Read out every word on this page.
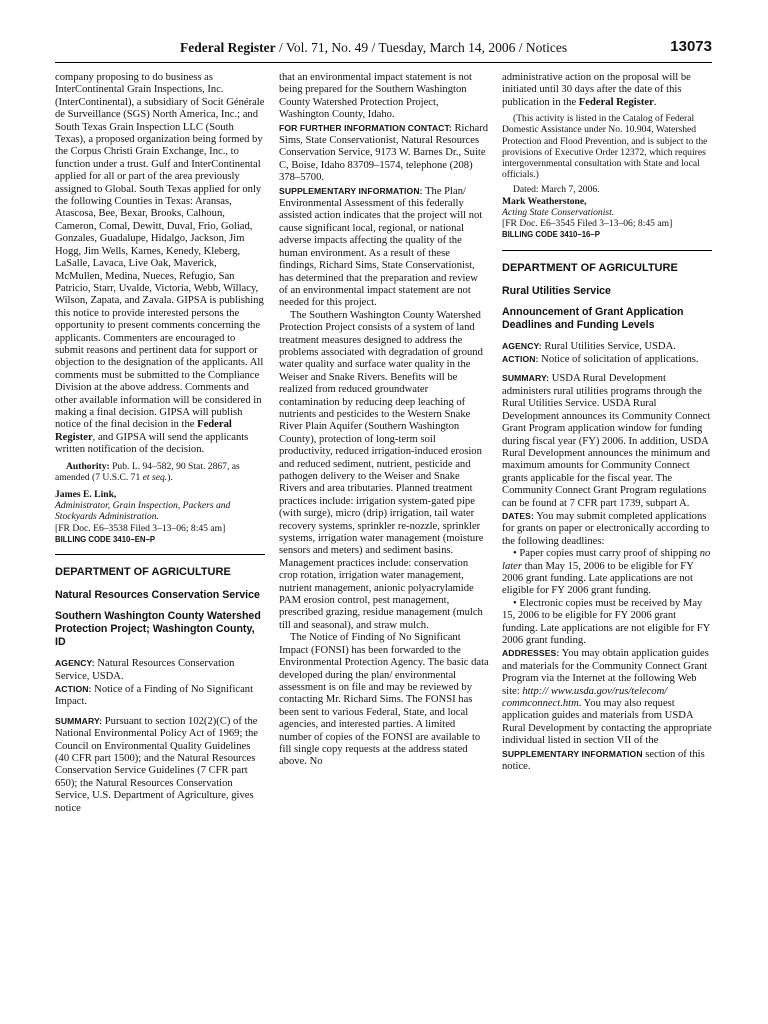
Federal Register / Vol. 71, No. 49 / Tuesday, March 14, 2006 / Notices	13073

company proposing to do business as InterContinental Grain Inspections, Inc. (InterContinental), a subsidiary of Socit Générale de Surveillance (SGS) North America, Inc.; and South Texas Grain Inspection LLC (South Texas), a proposed organization being formed by the Corpus Christi Grain Exchange, Inc., to function under a trust. Gulf and InterContinental applied for all or part of the area previously assigned to Global. South Texas applied for only the following Counties in Texas: Aransas, Atascosa, Bee, Bexar, Brooks, Calhoun, Cameron, Comal, Dewitt, Duval, Frio, Goliad, Gonzales, Guadalupe, Hidalgo, Jackson, Jim Hogg, Jim Wells, Karnes, Kenedy, Kleberg, LaSalle, Lavaca, Live Oak, Maverick, McMullen, Medina, Nueces, Refugio, San Patricio, Starr, Uvalde, Victoria, Webb, Willacy, Wilson, Zapata, and Zavala. GIPSA is publishing this notice to provide interested persons the opportunity to present comments concerning the applicants. Commenters are encouraged to submit reasons and pertinent data for support or objection to the designation of the applicants. All comments must be submitted to the Compliance Division at the above address. Comments and other available information will be considered in making a final decision. GIPSA will publish notice of the final decision in the Federal Register, and GIPSA will send the applicants written notification of the decision.

Authority: Pub. L. 94–582, 90 Stat. 2867, as amended (7 U.S.C. 71 et seq.).

James E. Link,

Administrator, Grain Inspection, Packers and Stockyards Administration.

[FR Doc. E6–3538 Filed 3–13–06; 8:45 am]

BILLING CODE 3410–EN–P

DEPARTMENT OF AGRICULTURE
Natural Resources Conservation Service
Southern Washington County Watershed Protection Project; Washington County, ID

AGENCY: Natural Resources Conservation Service, USDA.

ACTION: Notice of a Finding of No Significant Impact.

SUMMARY: Pursuant to section 102(2)(C) of the National Environmental Policy Act of 1969; the Council on Environmental Quality Guidelines (40 CFR part 1500); and the Natural Resources Conservation Service Guidelines (7 CFR part 650); the Natural Resources Conservation Service, U.S. Department of Agriculture, gives notice

that an environmental impact statement is not being prepared for the Southern Washington County Watershed Protection Project, Washington County, Idaho.

FOR FURTHER INFORMATION CONTACT: Richard Sims, State Conservationist, Natural Resources Conservation Service, 9173 W. Barnes Dr., Suite C, Boise, Idaho 83709–1574, telephone (208) 378–5700.

SUPPLEMENTARY INFORMATION: The Plan/ Environmental Assessment of this federally assisted action indicates that the project will not cause significant local, regional, or national adverse impacts affecting the quality of the human environment. As a result of these findings, Richard Sims, State Conservationist, has determined that the preparation and review of an environmental impact statement are not needed for this project.

The Southern Washington County Watershed Protection Project consists of a system of land treatment measures designed to address the problems associated with degradation of ground water quality and surface water quality in the Weiser and Snake Rivers. Benefits will be realized from reduced groundwater contamination by reducing deep leaching of nutrients and pesticides to the Western Snake River Plain Aquifer (Southern Washington County), protection of long-term soil productivity, reduced irrigation-induced erosion and reduced sediment, nutrient, pesticide and pathogen delivery to the Weiser and Snake Rivers and area tributaries. Planned treatment practices include: irrigation system-gated pipe (with surge), micro (drip) irrigation, tail water recovery systems, sprinkler re-nozzle, sprinkler systems, irrigation water management (moisture sensors and meters) and sediment basins. Management practices include: conservation crop rotation, irrigation water management, nutrient management, anionic polyacrylamide PAM erosion control, pest management, prescribed grazing, residue management (mulch till and seasonal), and straw mulch.

The Notice of Finding of No Significant Impact (FONSI) has been forwarded to the Environmental Protection Agency. The basic data developed during the plan/ environmental assessment is on file and may be reviewed by contacting Mr. Richard Sims. The FONSI has been sent to various Federal, State, and local agencies, and interested parties. A limited number of copies of the FONSI are available to fill single copy requests at the address stated above. No

administrative action on the proposal will be initiated until 30 days after the date of this publication in the Federal Register.

(This activity is listed in the Catalog of Federal Domestic Assistance under No. 10.904, Watershed Protection and Flood Prevention, and is subject to the provisions of Executive Order 12372, which requires intergovernmental consultation with State and local officials.)

Dated: March 7, 2006.

Mark Weatherstone,

Acting State Conservationist.

[FR Doc. E6–3545 Filed 3–13–06; 8:45 am]

BILLING CODE 3410–16–P

DEPARTMENT OF AGRICULTURE
Rural Utilities Service
Announcement of Grant Application Deadlines and Funding Levels

AGENCY: Rural Utilities Service, USDA.

ACTION: Notice of solicitation of applications.

SUMMARY: USDA Rural Development administers rural utilities programs through the Rural Utilities Service. USDA Rural Development announces its Community Connect Grant Program application window for funding during fiscal year (FY) 2006. In addition, USDA Rural Development announces the minimum and maximum amounts for Community Connect grants applicable for the fiscal year. The Community Connect Grant Program regulations can be found at 7 CFR part 1739, subpart A.

DATES: You may submit completed applications for grants on paper or electronically according to the following deadlines:

• Paper copies must carry proof of shipping no later than May 15, 2006 to be eligible for FY 2006 grant funding. Late applications are not eligible for FY 2006 grant funding.

• Electronic copies must be received by May 15, 2006 to be eligible for FY 2006 grant funding. Late applications are not eligible for FY 2006 grant funding.

ADDRESSES: You may obtain application guides and materials for the Community Connect Grant Program via the Internet at the following Web site: http:// www.usda.gov/rus/telecom/ commconnect.htm. You may also request application guides and materials from USDA Rural Development by contacting the appropriate individual listed in section VII of the SUPPLEMENTARY INFORMATION section of this notice.
